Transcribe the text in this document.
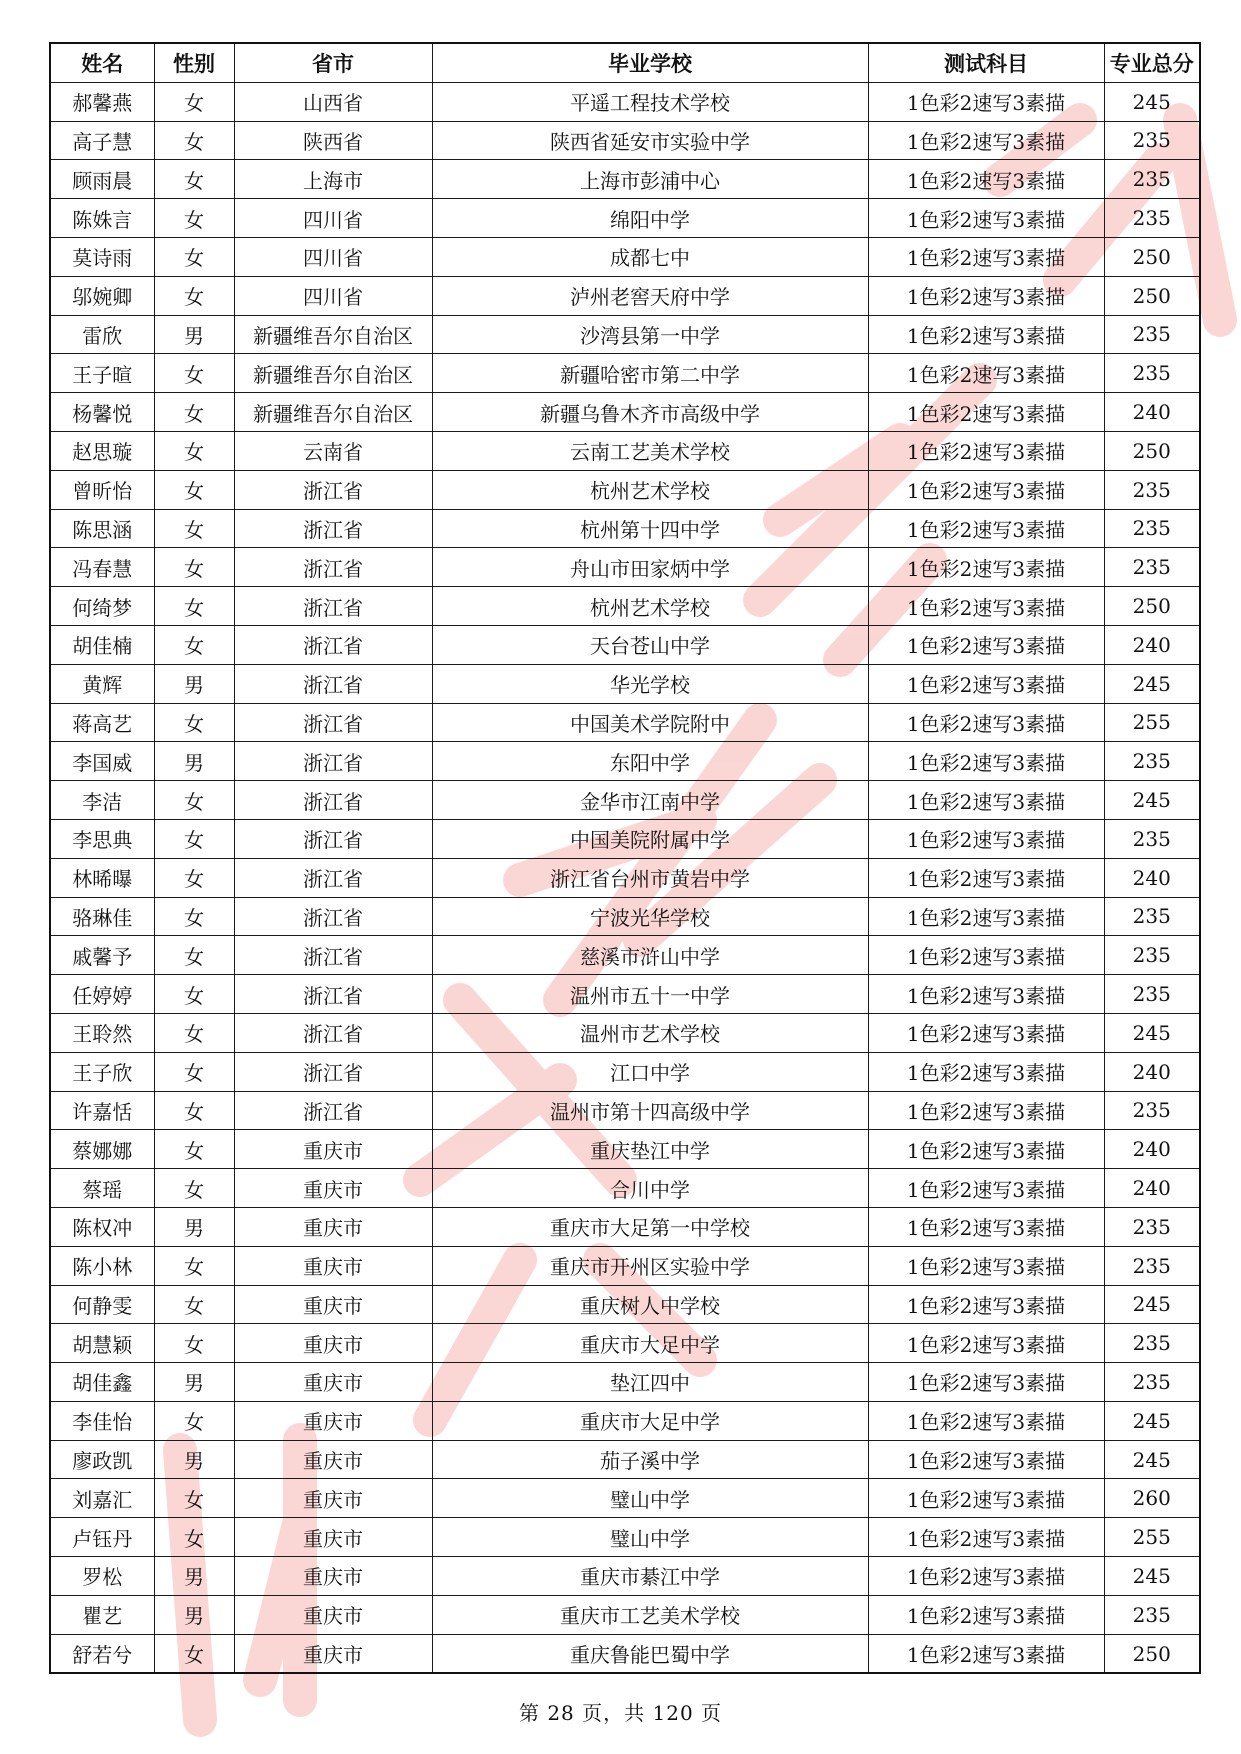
姓名	性别	省市	毕业学校	测试科目	专业总分
郝馨燕	女	山西省	平遥工程技术学校	1色彩2速写3素描	245
高子慧	女	陕西省	陕西省延安市实验中学	1色彩2速写3素描	235
顾雨晨	女	上海市	上海市彭浦中心	1色彩2速写3素描	235
陈姝言	女	四川省	绵阳中学	1色彩2速写3素描	235
莫诗雨	女	四川省	成都七中	1色彩2速写3素描	250
邬婉卿	女	四川省	泸州老窖天府中学	1色彩2速写3素描	250
雷欣	男	新疆维吾尔自治区	沙湾县第一中学	1色彩2速写3素描	235
王子暄	女	新疆维吾尔自治区	新疆哈密市第二中学	1色彩2速写3素描	235
杨馨悦	女	新疆维吾尔自治区	新疆乌鲁木齐市高级中学	1色彩2速写3素描	240
赵思璇	女	云南省	云南工艺美术学校	1色彩2速写3素描	250
曾昕怡	女	浙江省	杭州艺术学校	1色彩2速写3素描	235
陈思涵	女	浙江省	杭州第十四中学	1色彩2速写3素描	235
冯春慧	女	浙江省	舟山市田家炳中学	1色彩2速写3素描	235
何绮梦	女	浙江省	杭州艺术学校	1色彩2速写3素描	250
胡佳楠	女	浙江省	天台苍山中学	1色彩2速写3素描	240
黄辉	男	浙江省	华光学校	1色彩2速写3素描	245
蒋高艺	女	浙江省	中国美术学院附中	1色彩2速写3素描	255
李国威	男	浙江省	东阳中学	1色彩2速写3素描	235
李洁	女	浙江省	金华市江南中学	1色彩2速写3素描	245
李思典	女	浙江省	中国美院附属中学	1色彩2速写3素描	235
林晞曝	女	浙江省	浙江省台州市黄岩中学	1色彩2速写3素描	240
骆琳佳	女	浙江省	宁波光华学校	1色彩2速写3素描	235
戚馨予	女	浙江省	慈溪市浒山中学	1色彩2速写3素描	235
任婷婷	女	浙江省	温州市五十一中学	1色彩2速写3素描	235
王聆然	女	浙江省	温州市艺术学校	1色彩2速写3素描	245
王子欣	女	浙江省	江口中学	1色彩2速写3素描	240
许嘉恬	女	浙江省	温州市第十四高级中学	1色彩2速写3素描	235
蔡娜娜	女	重庆市	重庆垫江中学	1色彩2速写3素描	240
蔡瑶	女	重庆市	合川中学	1色彩2速写3素描	240
陈权冲	男	重庆市	重庆市大足第一中学校	1色彩2速写3素描	235
陈小林	女	重庆市	重庆市开州区实验中学	1色彩2速写3素描	235
何静雯	女	重庆市	重庆树人中学校	1色彩2速写3素描	245
胡慧颖	女	重庆市	重庆市大足中学	1色彩2速写3素描	235
胡佳鑫	男	重庆市	垫江四中	1色彩2速写3素描	235
李佳怡	女	重庆市	重庆市大足中学	1色彩2速写3素描	245
廖政凯	男	重庆市	茄子溪中学	1色彩2速写3素描	245
刘嘉汇	女	重庆市	璧山中学	1色彩2速写3素描	260
卢钰丹	女	重庆市	璧山中学	1色彩2速写3素描	255
罗松	男	重庆市	重庆市綦江中学	1色彩2速写3素描	245
瞿艺	男	重庆市	重庆市工艺美术学校	1色彩2速写3素描	235
舒若兮	女	重庆市	重庆鲁能巴蜀中学	1色彩2速写3素描	250
第 28 页，共 120 页
